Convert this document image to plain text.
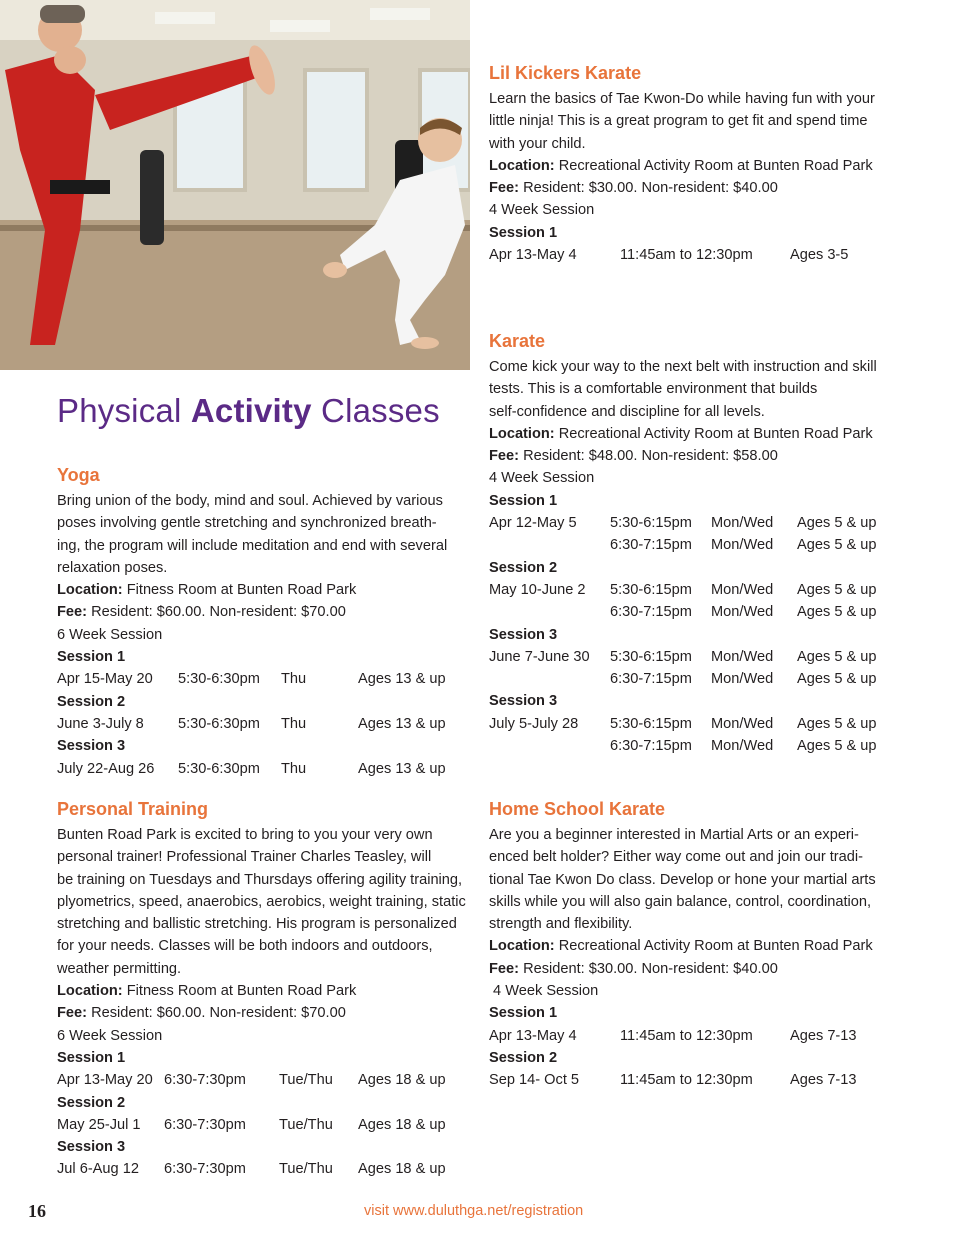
Physical Activity Classes
Lil Kickers Karate
Learn the basics of Tae Kwon-Do while having fun with your
little ninja! This is a great program to get fit and spend time
with your child.
Location: Recreational Activity Room at Bunten Road Park
Fee: Resident: $30.00. Non-resident: $40.00
4 Week Session
Session 1
Apr 13-May 4	11:45am to 12:30pm	Ages 3-5
Karate
Come kick your way to the next belt with instruction and skill
tests. This is a comfortable environment that builds
self-confidence and discipline for all levels.
Location: Recreational Activity Room at Bunten Road Park
Fee: Resident: $48.00. Non-resident: $58.00
4 Week Session
Session 1
Apr 12-May 5 5:30-6:15pm Mon/Wed Ages 5 & up
6:30-7:15pm Mon/Wed Ages 5 & up
Session 2
May 10-June 2 5:30-6:15pm Mon/Wed Ages 5 & up
6:30-7:15pm Mon/Wed Ages 5 & up
Session 3
June 7-June 30 5:30-6:15pm Mon/Wed Ages 5 & up
6:30-7:15pm Mon/Wed Ages 5 & up
Session 3
July 5-July 28 5:30-6:15pm Mon/Wed Ages 5 & up
6:30-7:15pm Mon/Wed Ages 5 & up
Yoga
Bring union of the body, mind and soul. Achieved by various
poses involving gentle stretching and synchronized breath-
ing, the program will include meditation and end with several
relaxation poses.
Location: Fitness Room at Bunten Road Park
Fee: Resident: $60.00. Non-resident: $70.00
6 Week Session
Session 1
Apr 15-May 20 5:30-6:30pm Thu	Ages 13 & up
Session 2
June 3-July 8 5:30-6:30pm Thu	Ages 13 & up
Session 3
July 22-Aug 26 5:30-6:30pm Thu	Ages 13 & up
Personal Training
Bunten Road Park is excited to bring to you your very own
personal trainer! Professional Trainer Charles Teasley, will
be training on Tuesdays and Thursdays offering agility training,
plyometrics, speed, anaerobics, aerobics, weight training, static
stretching and ballistic stretching. His program is personalized
for your needs. Classes will be both indoors and outdoors,
weather permitting.
Location: Fitness Room at Bunten Road Park
Fee: Resident: $60.00. Non-resident: $70.00
6 Week Session
Session 1
Apr 13-May 20 6:30-7:30pm Tue/Thu Ages 18 & up
Session 2
May 25-Jul 1 6:30-7:30pm Tue/Thu Ages 18 & up
Session 3
Jul 6-Aug 12 6:30-7:30pm Tue/Thu Ages 18 & up
Home School Karate
Are you a beginner interested in Martial Arts or an experi-
enced belt holder? Either way come out and join our tradi-
tional Tae Kwon Do class. Develop or hone your martial arts
skills while you will also gain balance, control, coordination,
strength and flexibility.
Location: Recreational Activity Room at Bunten Road Park
Fee: Resident: $30.00. Non-resident: $40.00
4 Week Session
Session 1
Apr 13-May 4	11:45am to 12:30pm	Ages 7-13
Session 2
Sep 14- Oct 5	11:45am to 12:30pm	Ages 7-13
16	visit www.duluthga.net/registration
